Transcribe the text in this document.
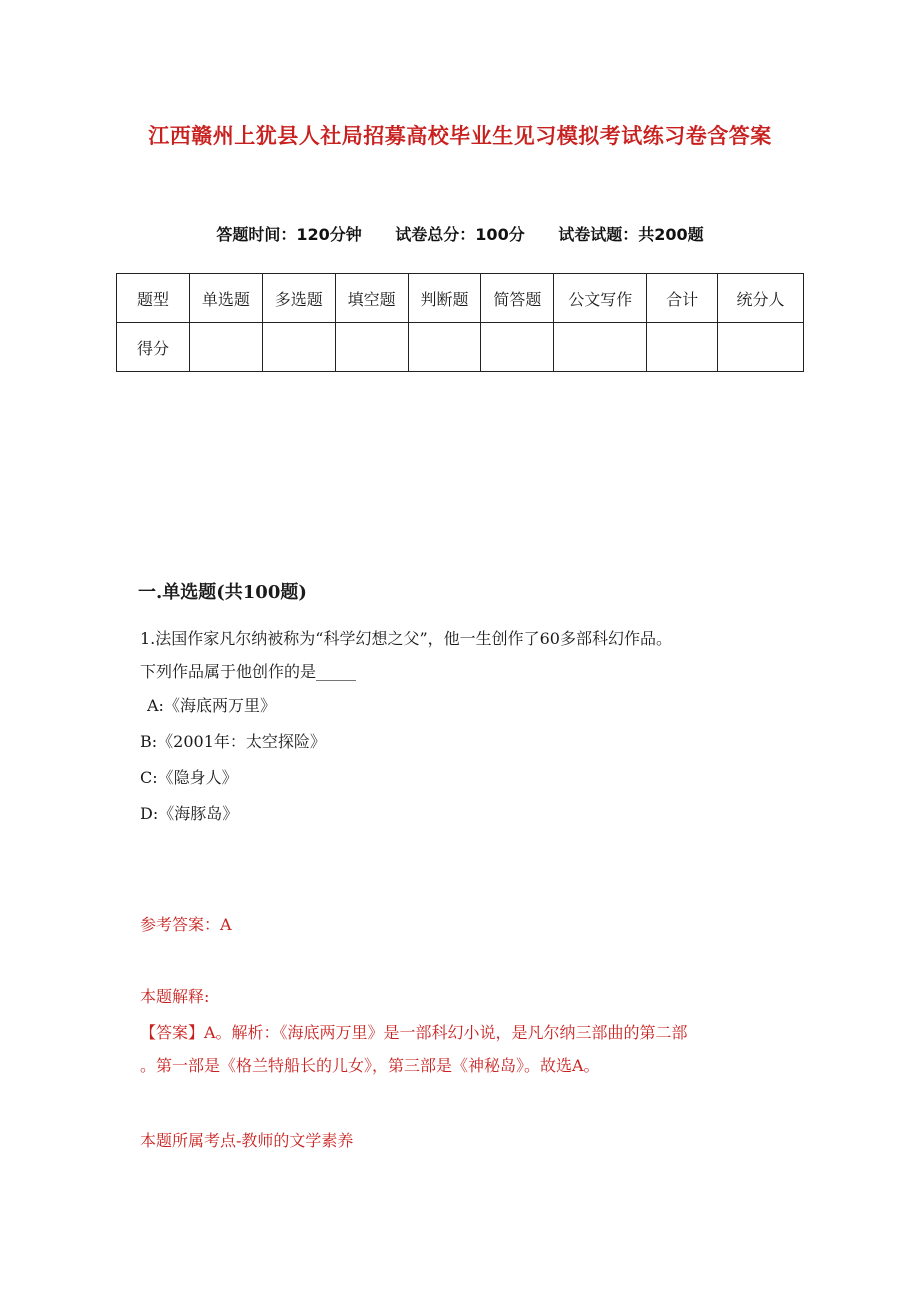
江西赣州上犹县人社局招募高校毕业生见习模拟考试练习卷含答案
答题时间：120分钟 试卷总分：100分 试卷试题：共200题
题型	单选题	多选题	填空题	判断题	简答题	公文写作	合计	统分人
得分								
一.单选题(共100题)
1.法国作家凡尔纳被称为“科学幻想之父”，他一生创作了60多部科幻作品。
下列作品属于他创作的是_____
A:《海底两万里》
B:《2001年：太空探险》
C:《隐身人》
D:《海豚岛》
参考答案：A
本题解释:
【答案】A。解析：《海底两万里》是一部科幻小说，是凡尔纳三部曲的第二部
。第一部是《格兰特船长的儿女》，第三部是《神秘岛》。故选A。
本题所属考点-教师的文学素养
